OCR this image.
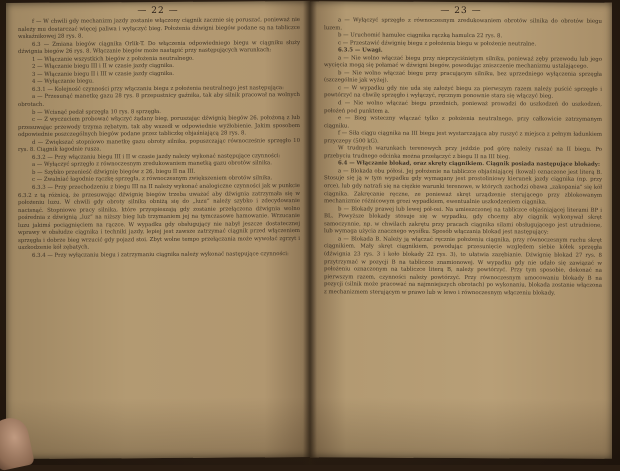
— 22 —

f — W chwili gdy mechanizm jazdy zostanie włączony ciągnik zacznie się poruszać, ponieważ nie należy mu dostarczać więcej paliwa i wyłączyć bieg. Położenia dźwigni biegów podane są na tabliczce wskaźnikowej 28 rys. 8.

6.3 — Zmiana biegów ciągnika Orlik-T. Do włączenia odpowiedniego biegu w ciągniku służy dźwignia biegów 26 rys. 8. Włączanie biegów może nastąpić przy następujących warunkach:

1 — Włączanie wszystkich biegów z położenia neutralnego.

2 — Włączanie biegu III i II w czasie jazdy ciągnika.

3 — Włączanie biegu II i III w czasie jazdy ciągnika.

4 — Wyłączanie biegu.

6.3.1 — Kolejność czynności przy włączaniu biegu z położenia neutralnego jest następująca:

a — Przesunąć manetkę gazu 28 rys. 8 przepustnicy gaźnika, tak aby silnik pracował na wolnych obrotach.

b — Wcisnąć pedał sprzęgła 10 rys. 8 sprzęgła.

c — Z wyczuciem probować włączyć żądany bieg, poruszając dźwignią biegów 26, położoną z lub przesuwając przewody trzyma zębatym, tak aby wszedł w odpowiednie wyżłobienie. Jakim sposobem odpowiednie poszczególnych biegów podane przez tabliczkę objaśniającą 28 rys. 8.

d — Zwiększać stopniowo manetkę gazu obroty silnika, popuszczając równocześnie sprzęgło 10 rys. 8. Ciągnik łagodnie rusza.

6.3.2 — Przy włączaniu biegu III i II w czasie jazdy należy wykonać następujące czynności:

a — Wyłączyć sprzęgło z równoczesnym zredukowaniem manetką gazu obrotów silnika.

b — Szybko przenieść dźwignię biegów z 26, biegu II na III.

c — Zwalniać łagodnie rączkę sprzęgła, z równoczesnym zwiększeniem obrotów silnika.

6.3.3 — Przy przechodzeniu z biegu III na II należy wykonać analogiczne czynności jak w punkcie 6.3.2 z tą różnicą, że przesuwając dźwignię biegów trzeba uważać aby dźwignia zatrzymała się w położeniu luzu. W chwili gdy obroty silnika obniżą się do „luzu” należy szybko i zdecydowanie nacisnąć. Stopniowe pracy silnika, które przyspieszają gdy zostanie przełączona dźwignia wolno pośrednia z dźwignią „luz” na niższy bieg lub trzymaniem jej na tymczasowe hamowanie. Wrzucanie luzu jakimś pociągnięciem na rączce. W wypadku gdy obsługujący nie nabył jeszcze dostatecznej wprawy w obsłudze ciągnika i techniki jazdy, lepiej jest zawsze zatrzymać ciągnik przed włączeniem sprzęgła i dobrze bieg wrzucić gdy pojazd stoi. Zbyt wolne tempo przełączania może wywołać zgrzyt i uszkodzenie kół zębatych.

6.3.4 — Przy wyłączaniu biegu i zatrzymaniu ciągnika należy wykonać następujące czynności:

— 23 —

a — Wyłączyć sprzęgło z równoczesnym zredukowaniem obrotów silnika do obrotów biegu luzem.

b — Uruchomić hamulec ciągnika rączką hamulca 22 rys. 8.

c — Przestawić dźwignię biegu z położenia biegu w położenie neutralne.

6.3.5 — Uwagi.

a — Nie wolno włączać biegu przy nieprzyciśniętym silniku, ponieważ zęby przewodu lub jego wycięcia mogą się połamać w dźwigni biegów, powodując zniszczenie mechanizmu ustalającego.

b — Nie wolno włączać biegu przy pracującym silniku, bez uprzedniego wyłączenia sprzęgła (szczególnie jak wyżej).

c — W wypadku gdy nie uda się założyć biegu za pierwszym razem należy puścić sprzęgło i powtórzyć na chwilę sprzęgło i wyłączyć, ręcznym ponownie stara się włączyć bieg.

d — Nie wolno włączać biegu przednich, ponieważ prowadzi do uszkodzeń do uszkodzeń, położeń pod punktem a.

e — Bieg wsteczny włączać tylko z położenia neutralnego, przy całkowicie zatrzymanym ciągniku.

f — Siła ciągu ciągnika na III biegu jest wystarczająca aby ruszyć z miejsca z pełnym ładunkiem przyczepy (500 kG).

W trudnych warunkach terenowych przy jeździe pod górę należy ruszać na II biegu. Po przebyciu trudnego odcinka można przełączyć z biegu II na III bieg.

6.4 — Włączanie blokad, oraz skręty ciągnikiem. Ciągnik posiada następujące blokady:

a — Blokada obu półosi. Jej położenie na tabliczce objaśniającej (kowal) oznaczone jest literą B. Stosuje się ją w tym wypadku gdy wymagany jest prostoliniowy kierunek jazdy ciągnika (np. przy orce), lub gdy natrafi się na ciężkie warunki terenowe, w których zachodzi obawa „zakopania” się kół ciągnika. Zakręcanie ręczne, ze ponieważ skręt urządzenie sterującego przy zblokowanym mechanizmie różnicowym grozi wypadkiem, ewentualnie uszkodzeniem ciągnika.

b — Blokady prawej lub lewej pół-osi. Na umieszczonej na tabliczce objaśniającej literami BP i BL. Powyższe blokady stosuje się w wypadku, gdy chcemy aby ciągnik wykonywał skręt samoczynnie, np. w chwilach zakrętu przy pracach ciągnika silami obsługującego jest utrudnione, lub wymaga użycia znacznego wysiłku. Sposób włączania blokad jest następujący:

a — Blokada B. Należy ją włączać ręcznie położeniu ciągnika, przy równoczesnym ruchu skręt ciągnikiem. Mały skręt ciągnikiem, powodując przesunięcie względem siebie kółek sprzęgła (dźwignia 23 rys. 3 i koło blokady 22 rys. 3), to ułatwia zazębianie. Dźwignię blokad 27 rys. 8 przytrzymać w pozycji B na tabliczce znamionowej. W wypadku gdy nie udało się zawiązać w położeniu oznaczonym na tabliczce literą B, należy powtórzyć. Przy tym sposobie, dokonać na pierwszym razem, czynności należy powtórzyć. Przy równoczesnym umocowaniu blokady B na pozycji (silnik może pracować na najmniejszych obrotach) po wykonaniu, blokada zostanie włączona z mechanizmem sterującym w prawo lub w lewo i równoczesnym włączeniu blokady.
